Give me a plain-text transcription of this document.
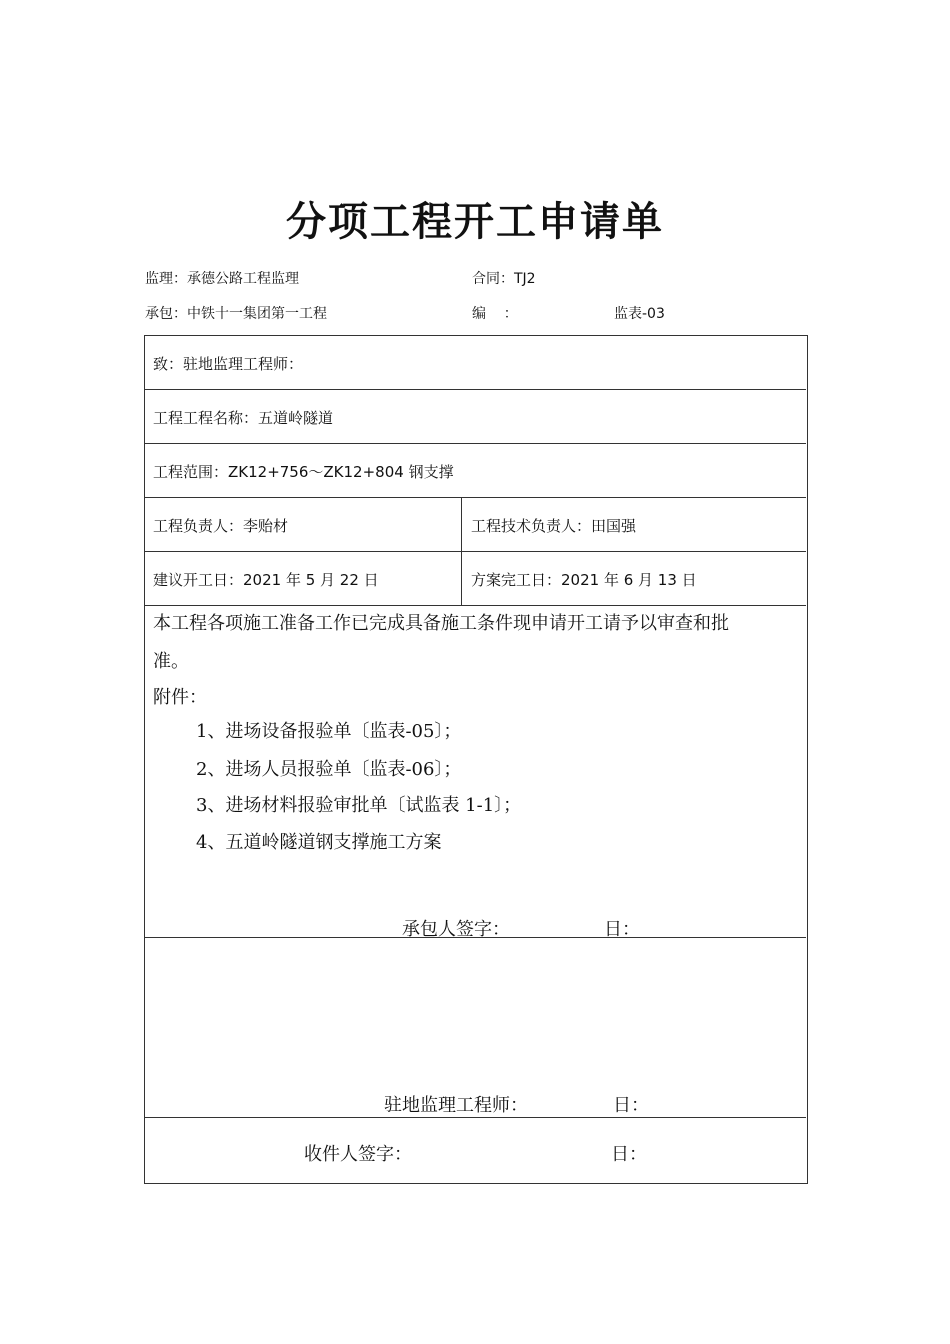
分项工程开工申请单
监理：承德公路工程监理	合同：TJ2
承包：中铁十一集团第一工程	编    ：	监表-03
致：驻地监理工程师：
工程工程名称：五道岭隧道
工程范围：ZK12+756～ZK12+804 钢支撑
工程负责人：李贻材	工程技术负责人：田国强
建议开工日：2021 年 5 月 22 日	方案完工日：2021 年 6 月 13 日
本工程各项施工准备工作已完成具备施工条件现申请开工请予以审查和批
准。
附件：
1、进场设备报验单〔监表-05〕；
2、进场人员报验单〔监表-06〕；
3、进场材料报验审批单〔试监表 1-1〕；
4、五道岭隧道钢支撑施工方案
承包人签字：	日：
驻地监理工程师：	日：
收件人签字：	日：
